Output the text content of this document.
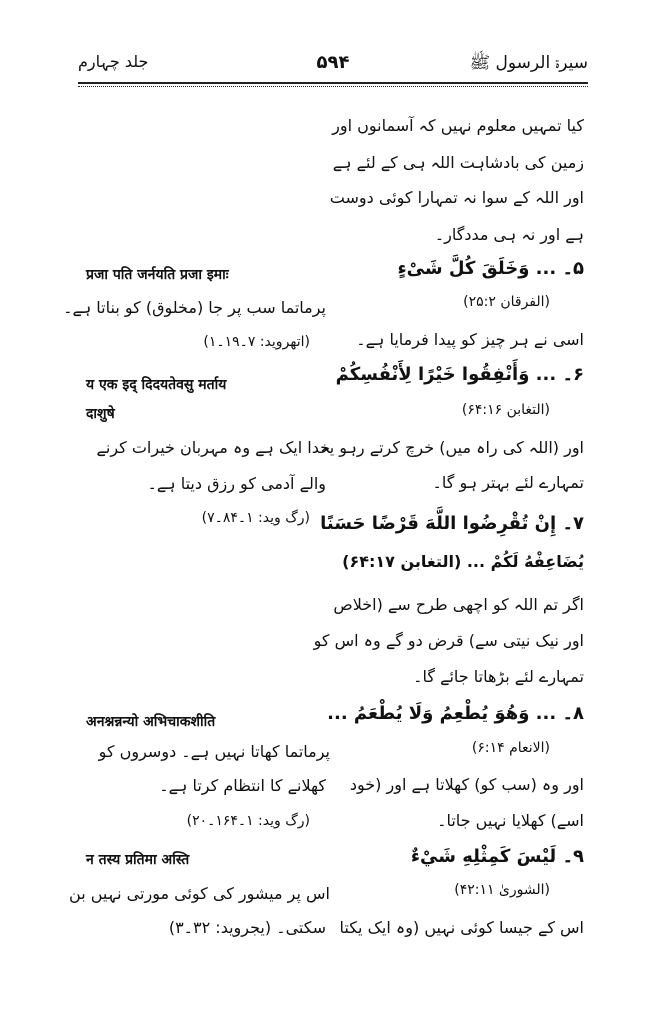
سیرۃ الرسول ﷺ
۵۹۴
جلد چہارم
کیا تمہیں معلوم نہیں کہ آسمانوں اور
زمین کی بادشاہت اللہ ہی کے لئے ہے
اور اللہ کے سوا نہ تمہارا کوئی دوست
ہے اور نہ ہی مددگار۔
۵۔ ... وَخَلَقَ كُلَّ شَیْءٍ
(الفرقان ۲۵:۲)
اسی نے ہر چیز کو پیدا فرمایا ہے۔
۶۔ ... وَأَنْفِقُوا خَيْرًا لِأَنْفُسِكُمْ
(التغابن ۶۴:۱۶)
اور (اللہ کی راہ میں) خرچ کرتے رہو یہ
تمہارے لئے بہتر ہو گا۔
۷۔ إِنْ تُقْرِضُوا اللَّهَ قَرْضًا حَسَنًا
يُضَاعِفْهُ لَكُمْ ... (التغابن ۶۴:۱۷)
اگر تم اللہ کو اچھی طرح سے (اخلاص
اور نیک نیتی سے) قرض دو گے وہ اس کو
تمہارے لئے بڑھاتا جائے گا۔
۸۔ ... وَهُوَ يُطْعِمُ وَلَا يُطْعَمُ ...
(الانعام ۶:۱۴)
اور وہ (سب کو) کھلاتا ہے اور (خود
اسے) کھلایا نہیں جاتا۔
۹۔ لَيْسَ كَمِثْلِهِ شَيْءٌ
(الشوریٰ ۴۲:۱۱)
اس کے جیسا کوئی نہیں (وہ ایک یکتا
प्रजा पति जर्नयति प्रजा इमाः
پرماتما سب پر جا (مخلوق) کو بناتا ہے۔
(اتھروید: ۷۔۱۹۔۱)
य एक इद् दिदयतेवसु मर्ताय
दाशुषे
خدا ایک ہے وہ مہربان خیرات کرنے
والے آدمی کو رزق دیتا ہے۔
(رگ وید: ۱۔۸۴۔۷)
अनश्नन्नन्यो अभिचाकशीति
پرماتما کھاتا نہیں ہے۔ دوسروں کو
کھلانے کا انتظام کرتا ہے۔
(رگ وید: ۱۔۱۶۴۔۲۰)
न तस्य प्रतिमा अस्ति
اس پر میشور کی کوئی مورتی نہیں بن
سکتی۔ (یجروید: ۳۲۔۳)
